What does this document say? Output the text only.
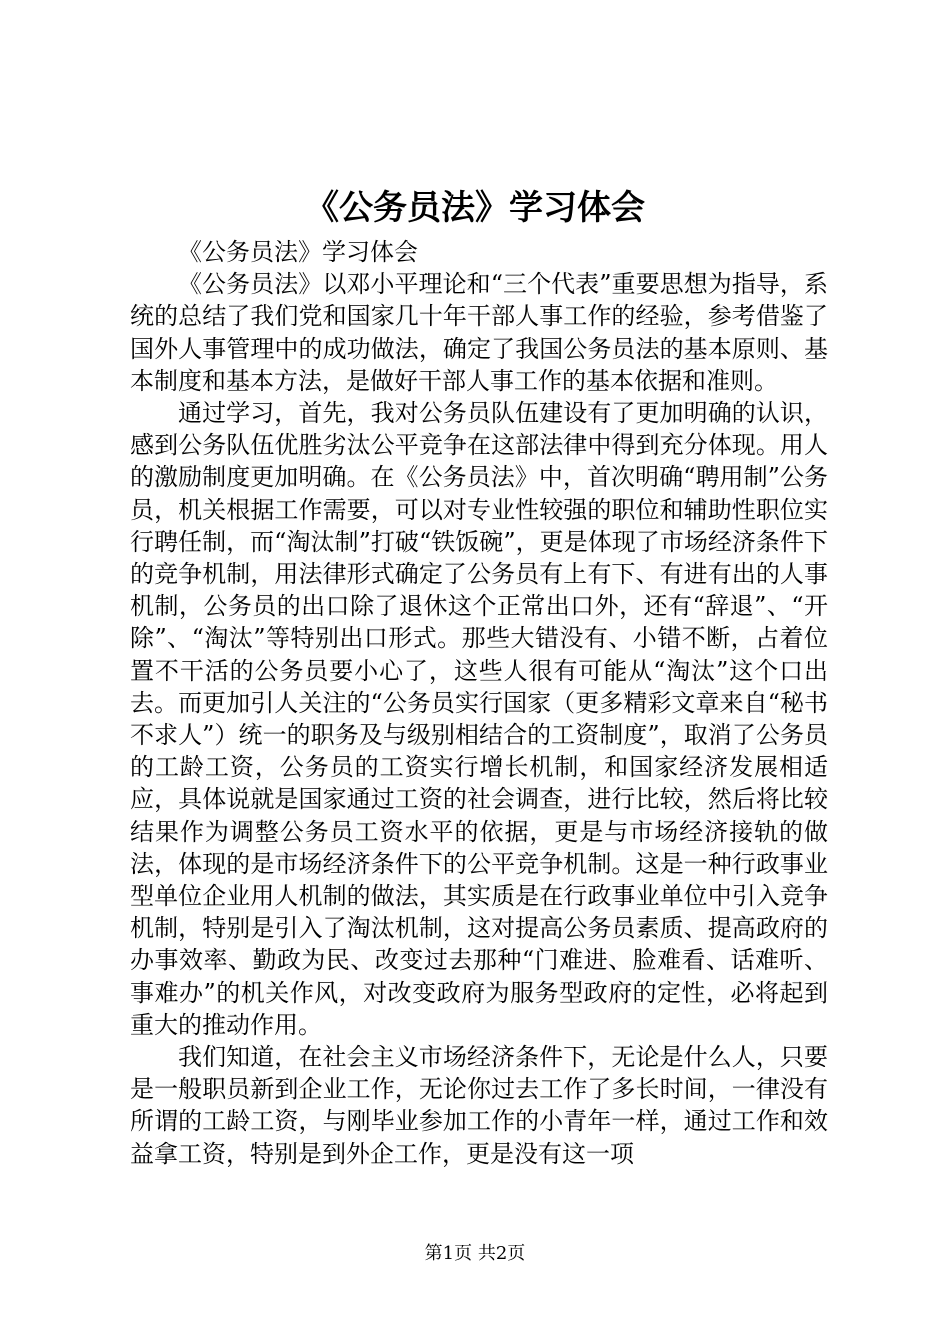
《公务员法》学习体会

《公务员法》学习体会

《公务员法》以邓小平理论和“三个代表”重要思想为指导，系统的总结了我们党和国家几十年干部人事工作的经验，参考借鉴了国外人事管理中的成功做法，确定了我国公务员法的基本原则、基本制度和基本方法，是做好干部人事工作的基本依据和准则。

通过学习，首先，我对公务员队伍建设有了更加明确的认识，感到公务队伍优胜劣汰公平竞争在这部法律中得到充分体现。用人的激励制度更加明确。在《公务员法》中，首次明确“聘用制”公务员，机关根据工作需要，可以对专业性较强的职位和辅助性职位实行聘任制，而“淘汰制”打破“铁饭碗”，更是体现了市场经济条件下的竞争机制，用法律形式确定了公务员有上有下、有进有出的人事机制，公务员的出口除了退休这个正常出口外，还有“辞退”、“开除”、“淘汰”等特别出口形式。那些大错没有、小错不断，占着位置不干活的公务员要小心了，这些人很有可能从“淘汰”这个口出去。而更加引人关注的“公务员实行国家（更多精彩文章来自“秘书不求人”）统一的职务及与级别相结合的工资制度”，取消了公务员的工龄工资，公务员的工资实行增长机制，和国家经济发展相适应，具体说就是国家通过工资的社会调查，进行比较，然后将比较结果作为调整公务员工资水平的依据，更是与市场经济接轨的做法，体现的是市场经济条件下的公平竞争机制。这是一种行政事业型单位企业用人机制的做法，其实质是在行政事业单位中引入竞争机制，特别是引入了淘汰机制，这对提高公务员素质、提高政府的办事效率、勤政为民、改变过去那种“门难进、脸难看、话难听、事难办”的机关作风，对改变政府为服务型政府的定性，必将起到重大的推动作用。

我们知道，在社会主义市场经济条件下，无论是什么人，只要是一般职员新到企业工作，无论你过去工作了多长时间，一律没有所谓的工龄工资，与刚毕业参加工作的小青年一样，通过工作和效益拿工资，特别是到外企工作，更是没有这一项

第1页 共2页
